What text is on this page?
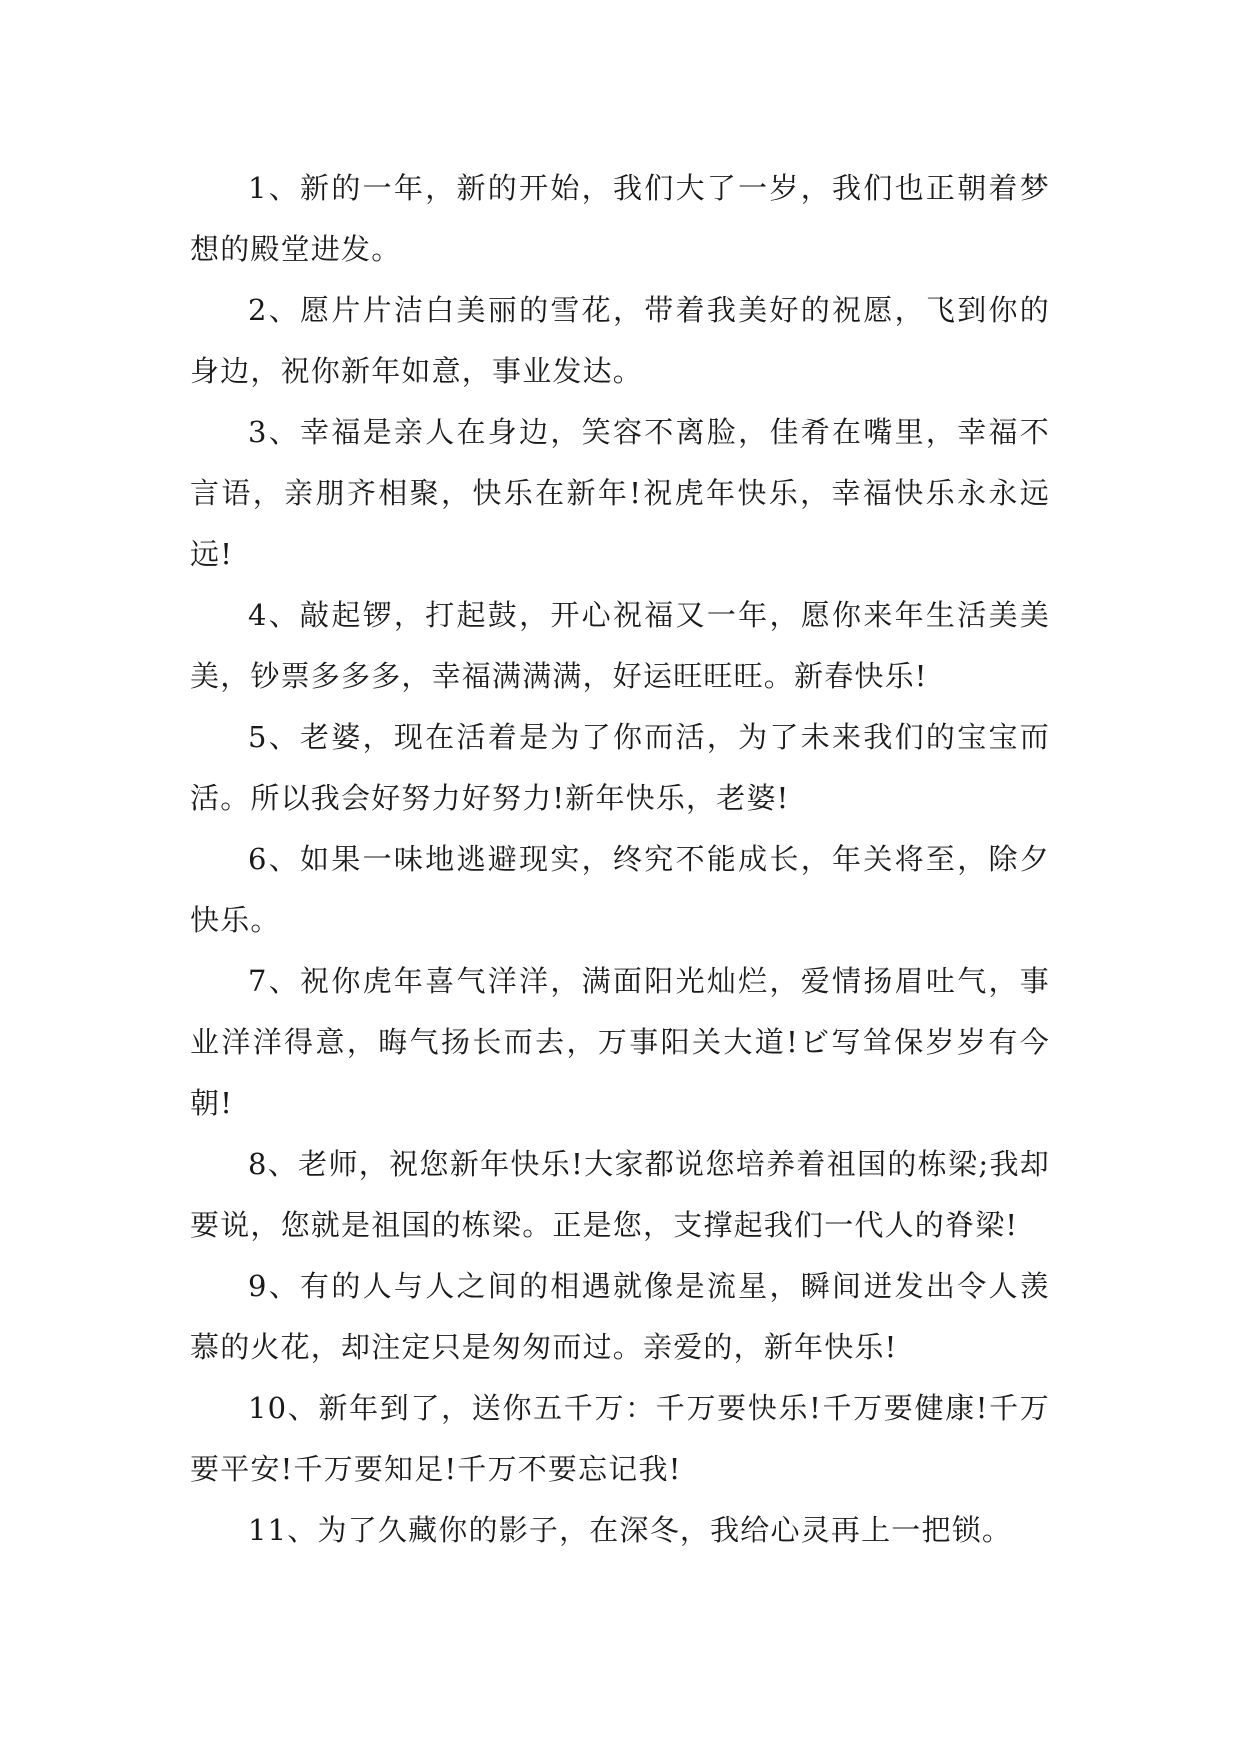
1、新的一年，新的开始，我们大了一岁，我们也正朝着梦想的殿堂进发。

2、愿片片洁白美丽的雪花，带着我美好的祝愿，飞到你的身边，祝你新年如意，事业发达。

3、幸福是亲人在身边，笑容不离脸，佳肴在嘴里，幸福不言语，亲朋齐相聚，快乐在新年!祝虎年快乐，幸福快乐永永远远!

4、敲起锣，打起鼓，开心祝福又一年，愿你来年生活美美美，钞票多多多，幸福满满满，好运旺旺旺。新春快乐!

5、老婆，现在活着是为了你而活，为了未来我们的宝宝而活。所以我会好努力好努力!新年快乐，老婆!

6、如果一味地逃避现实，终究不能成长，年关将至，除夕快乐。

7、祝你虎年喜气洋洋，满面阳光灿烂，爱情扬眉吐气，事业洋洋得意，晦气扬长而去，万事阳关大道!ビ写耸保岁岁有今朝!

8、老师，祝您新年快乐!大家都说您培养着祖国的栋梁;我却要说，您就是祖国的栋梁。正是您，支撑起我们一代人的脊梁!

9、有的人与人之间的相遇就像是流星，瞬间迸发出令人羡慕的火花，却注定只是匆匆而过。亲爱的，新年快乐!

10、新年到了，送你五千万：千万要快乐!千万要健康!千万要平安!千万要知足!千万不要忘记我!

11、为了久藏你的影子，在深冬，我给心灵再上一把锁。
